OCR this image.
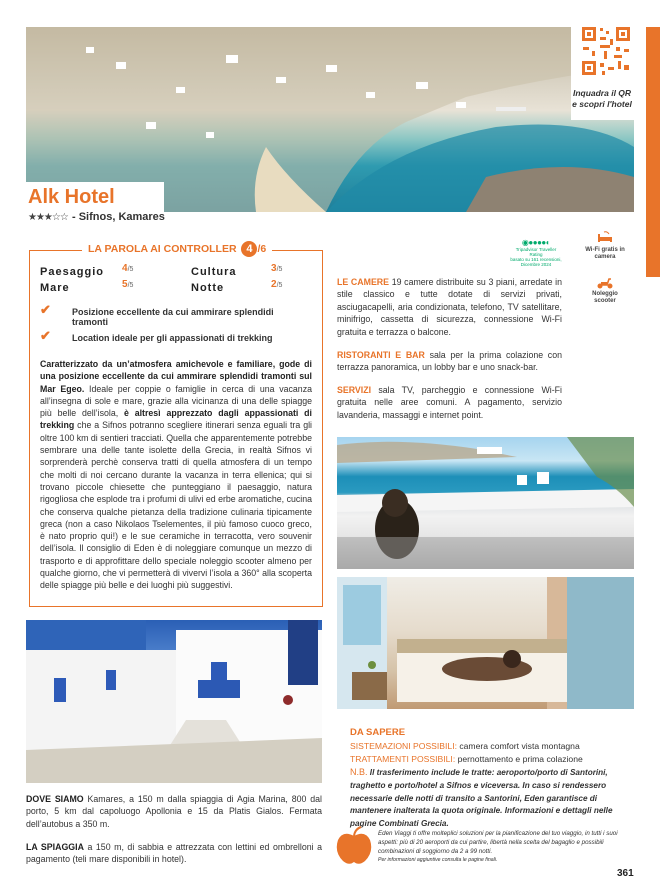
Inquadra il QR
e scopri l'hotel
Alk Hotel
★★★☆☆ - Sifnos, Kamares
LA PAROLA AI CONTROLLER 4 /6
Paesaggio 4/5	Cultura	3/5
Mare	5/5	Notte	2/5
✔ Posizione eccellente da cui ammirare splendidi tramonti
✔ Location ideale per gli appassionati di trekking
Caratterizzato da un’atmosfera amichevole e familiare, gode di una posizione eccellente da cui ammirare splendidi tramonti sul Mar Egeo. Ideale per coppie o famiglie in cerca di una vacanza all’insegna di sole e mare, grazie alla vicinanza di una delle spiagge più belle dell’isola, è altresì apprezzato dagli appassionati di trekking che a Sifnos potranno scegliere itinerari senza eguali tra gli oltre 100 km di sentieri tracciati. Quella che apparentemente potrebbe sembrare una delle tante isolette della Grecia, in realtà Sifnos vi sorprenderà perchè conserva tratti di quella atmosfera di un tempo che molti di noi cercano durante la vacanza in terra ellenica; qui si trovano piccole chiesette che punteggiano il paesaggio, natura rigogliosa che esplode tra i profumi di ulivi ed erbe aromatiche, cucina che conserva qualche pietanza della tradizione culinaria tipicamente greca (non a caso Nikolaos Tselementes, il più famoso cuoco greco, è nato proprio qui!) e le sue ceramiche in terracotta, vero souvenir dell’isola. Il consiglio di Eden è di noleggiare comunque un mezzo di trasporto e di approfittare dello speciale noleggio scooter almeno per qualche giorno, che vi permetterà di vivervi l’isola a 360° alla scoperta delle spiagge più belle e dei luoghi più suggestivi.
◉●●●●◐
Tripadvisor Traveller Rating
basato su 161 recensioni, Dicembre 2024
Wi-Fi gratis in camera
Noleggio scooter
LE CAMERE 19 camere distribuite su 3 piani, arredate in stile classico e tutte dotate di servizi privati, asciugacapelli, aria condizionata, telefono, TV satellitare, minifrigo, cassetta di sicurezza, connessione Wi-Fi gratuita e terrazza o balcone.
RISTORANTI E BAR sala per la prima colazione con terrazza panoramica, un lobby bar e uno snack-bar.
SERVIZI sala TV, parcheggio e connessione Wi-Fi gratuita nelle aree comuni. A pagamento, servizio lavanderia, massaggi e internet point.
DA SAPERE
SISTEMAZIONI POSSIBILI: camera comfort vista montagna
TRATTAMENTI POSSIBILI: pernottamento e prima colazione
N.B. Il trasferimento include le tratte: aeroporto/porto di Santorini, traghetto e porto/hotel a Sifnos e viceversa. In caso si rendessero necessarie delle notti di transito a Santorini, Eden garantisce di mantenere inalterata la quota originale. Informazioni e dettagli nelle pagine Combinati Grecia.
DOVE SIAMO Kamares, a 150 m dalla spiaggia di Agia Marina, 800 dal porto, 5 km dal capoluogo Apollonia e 15 da Platis Gialos. Fermata dell’autobus a 350 m.
LA SPIAGGIA a 150 m, di sabbia e attrezzata con lettini ed ombrelloni a pagamento (teli mare disponibili in hotel).
Eden Viaggi ti offre molteplici soluzioni per la pianificazione del tuo viaggio, in tutti i suoi aspetti: più di 20 aeroporti da cui partire, libertà nella scelta del bagaglio e possibili combinazioni di soggiorno da 2 a 99 notti.
Per informazioni aggiuntive consulta le pagine finali.
361
